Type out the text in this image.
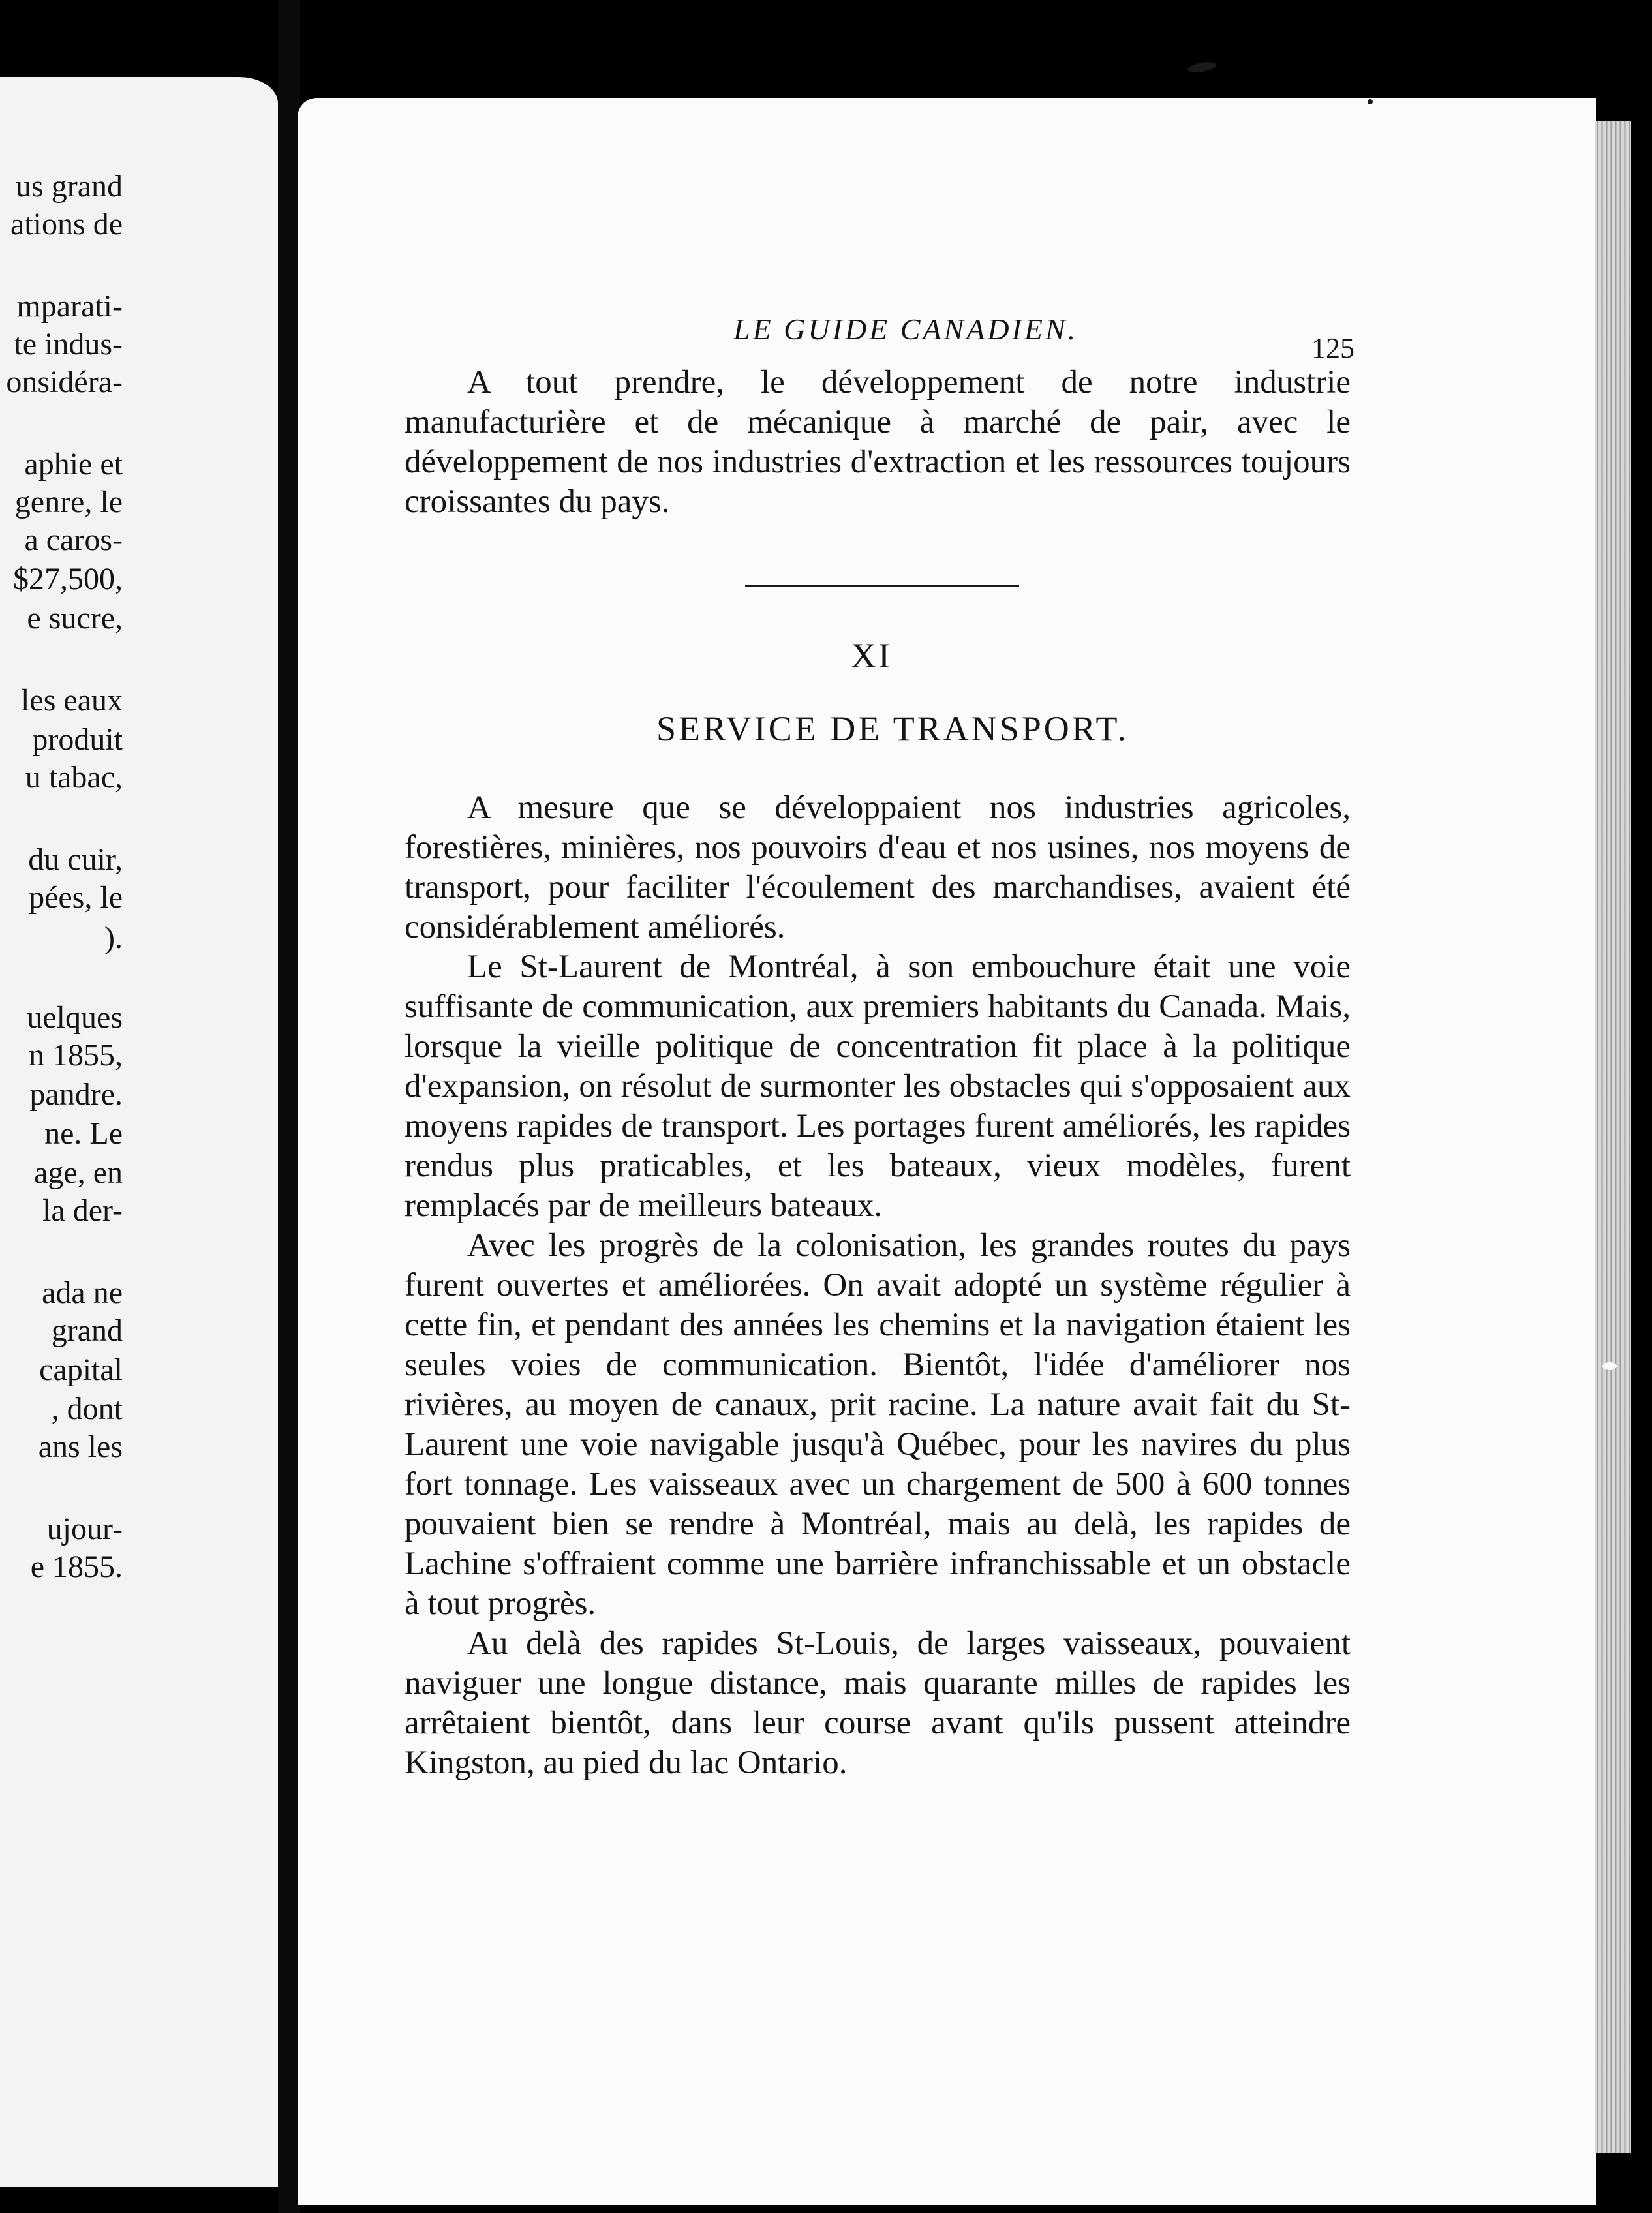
us grand
ations de
mparati-
te indus-
onsidéra-
aphie et
genre, le
a caros-
$27,500,
e sucre,
les eaux
produit
u tabac,
du cuir,
pées, le
).
uelques
n 1855,
pandre.
ne. Le
age, en
la der-
ada ne
grand
capital
, dont
ans les
ujour-
e 1855.
LE GUIDE CANADIEN.
125

A tout prendre, le développement de notre industrie manufacturière et de mécanique à marché de pair, avec le développement de nos industries d'extraction et les ressources toujours croissantes du pays.

XI
SERVICE DE TRANSPORT.

A mesure que se développaient nos industries agricoles, forestières, minières, nos pouvoirs d'eau et nos usines, nos moyens de transport, pour faciliter l'écoulement des marchandises, avaient été considérablement améliorés.

Le St-Laurent de Montréal, à son embouchure était une voie suffisante de communication, aux premiers habitants du Canada. Mais, lorsque la vieille politique de concentration fit place à la politique d'expansion, on résolut de surmonter les obstacles qui s'opposaient aux moyens rapides de transport. Les portages furent améliorés, les rapides rendus plus praticables, et les bateaux, vieux modèles, furent remplacés par de meilleurs bateaux.

Avec les progrès de la colonisation, les grandes routes du pays furent ouvertes et améliorées. On avait adopté un système régulier à cette fin, et pendant des années les chemins et la navigation étaient les seules voies de communication. Bientôt, l'idée d'améliorer nos rivières, au moyen de canaux, prit racine. La nature avait fait du St-Laurent une voie navigable jusqu'à Québec, pour les navires du plus fort tonnage. Les vaisseaux avec un chargement de 500 à 600 tonnes pouvaient bien se rendre à Montréal, mais au delà, les rapides de Lachine s'offraient comme une barrière infranchissable et un obstacle à tout progrès.

Au delà des rapides St-Louis, de larges vaisseaux, pouvaient naviguer une longue distance, mais quarante milles de rapides les arrêtaient bientôt, dans leur course avant qu'ils pussent atteindre Kingston, au pied du lac Ontario.
